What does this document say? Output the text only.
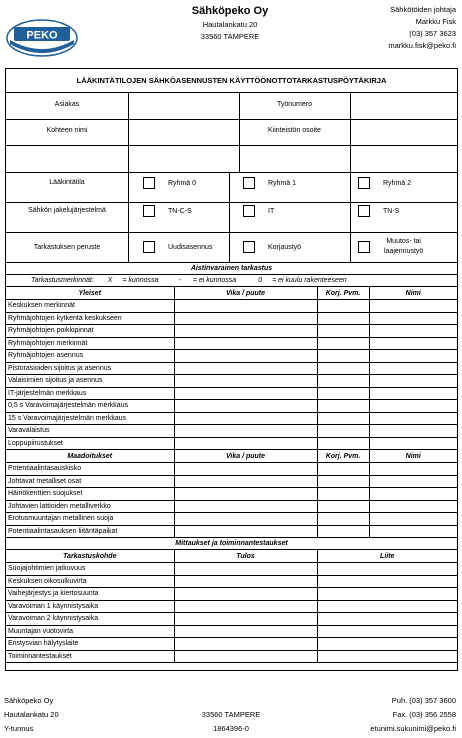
PEKO
Sähköpeko Oy
Hautalankatu 20
33560 TAMPERE
Sähkötöiden johtaja
Markku Fisk
(03) 357 3623
markku.fisk@peko.fi
LÄÄKINTÄTILOJEN SÄHKÖASENNUSTEN KÄYTTÖÖNOTTOTARKASTUSPÖYTÄKIRJA
Asiakas	Työnumero
Kohteen nimi	Kiinteistön osoite
Lääkintätila	Ryhmä 0	Ryhmä 1	Ryhmä 2
Sähkön jakelujärjestelmä	TN-C-S	IT	TN-S
Tarkastuksen peruste	Uudisasennus	Korjaustyö
Muutos- tai
laajennustyö
Aistinvarainen tarkastus
Tarkastusmerkinnät: X = kunnossa	- = ei kunnossa	0 = ei kuulu rakenteeseen
Yleiset	Vika / puute	Korj. Pvm.	Nimi
Keskuksen merkinnät			
Ryhmäjohtojen kytkentä keskukseen			
Ryhmäjohtojen poikkipinnat			
Ryhmäjohtojen merkinnät			
Ryhmäjohtojen asennus			
Pistorasioiden sijoitus ja asennus			
Valaisimien sijoitus ja asennus			
IT-järjestelmän merkkaus			
0,5 s Varavoimajärjestelmän merkkaus			
15 s Varavoimajärjestelmän merkkaus			
Varavalaistus			
Loppupiirustukset			
Maadoitukset	Vika / puute	Korj. Pvm.	Nimi
Potentiaalintasauskisko			
Johtavat metalliset osat			
Häiriökenttien suojukset			
Johtavien lattioiden metalliverkko			
Erotusmuuntajan metallinen suoja			
Potentiaalintasauksen liitäntäpaikat			
Mittaukset ja toiminnantestaukset
Tarkastuskohde	Tulos	Liite
Suojajohtimien jatkuvuus		
Keskuksen oikosulkuvirta		
Vaihejärjestys ja kiertosuunta		
Varavoiman 1 käynnistysaika		
Varavoiman 2 käynnistysaika		
Muuntajan vuotovirta		
Eristysvian hälytyslaite		
Toiminnantestaukset		
Sähköpeko Oy
Hautalankatu 20
Y-tunnus
33560 TAMPERE
1864396-0
Puh. (03) 357 3600
Fax. (03) 356 2558
etunimi.sukunimi@peko.fi
